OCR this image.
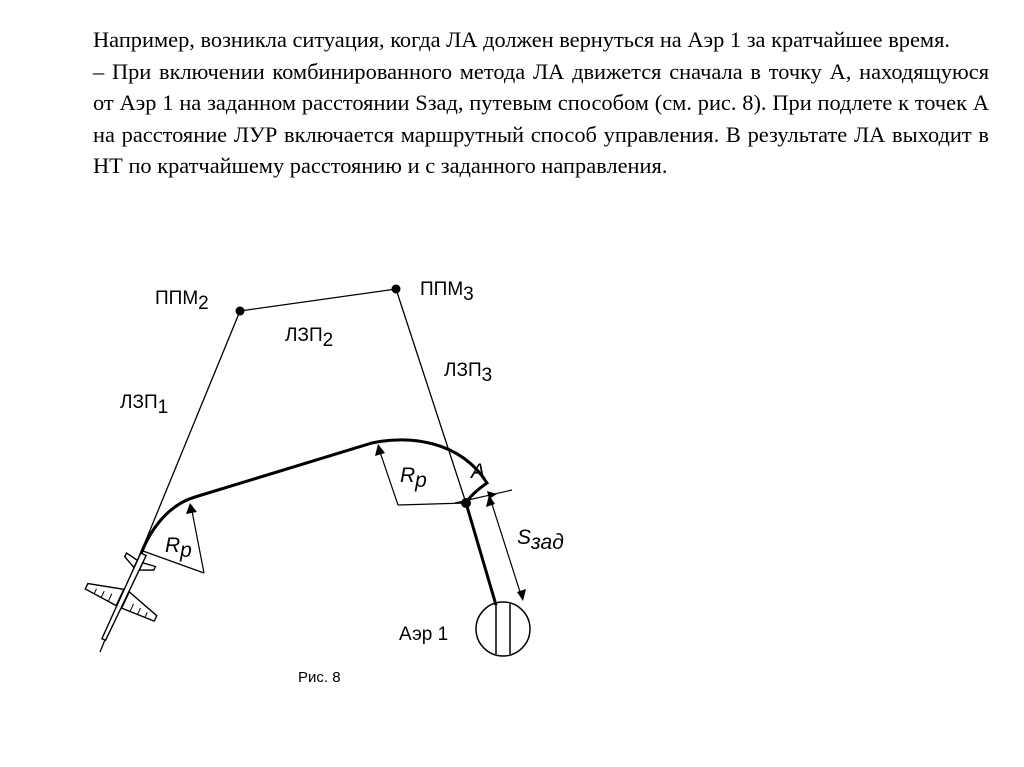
Например, возникла ситуация, когда ЛА должен вернуться на Аэр 1 за кратчайшее время.

– При включении комбинированного метода ЛА движется сначала в точку А, находящуюся от Аэр 1 на заданном расстоянии Sзад, путевым способом (см. рис. 8). При подлете к точек А на расстояние ЛУР включается маршрутный способ управления. В результате ЛА выходит в НТ по кратчайшему расстоянию и с заданного направления.

ППМ2
ППМ3
ЛЗП1
ЛЗП2
ЛЗП3
Rр
Rр A
Sзад
Аэр 1
Рис. 8
